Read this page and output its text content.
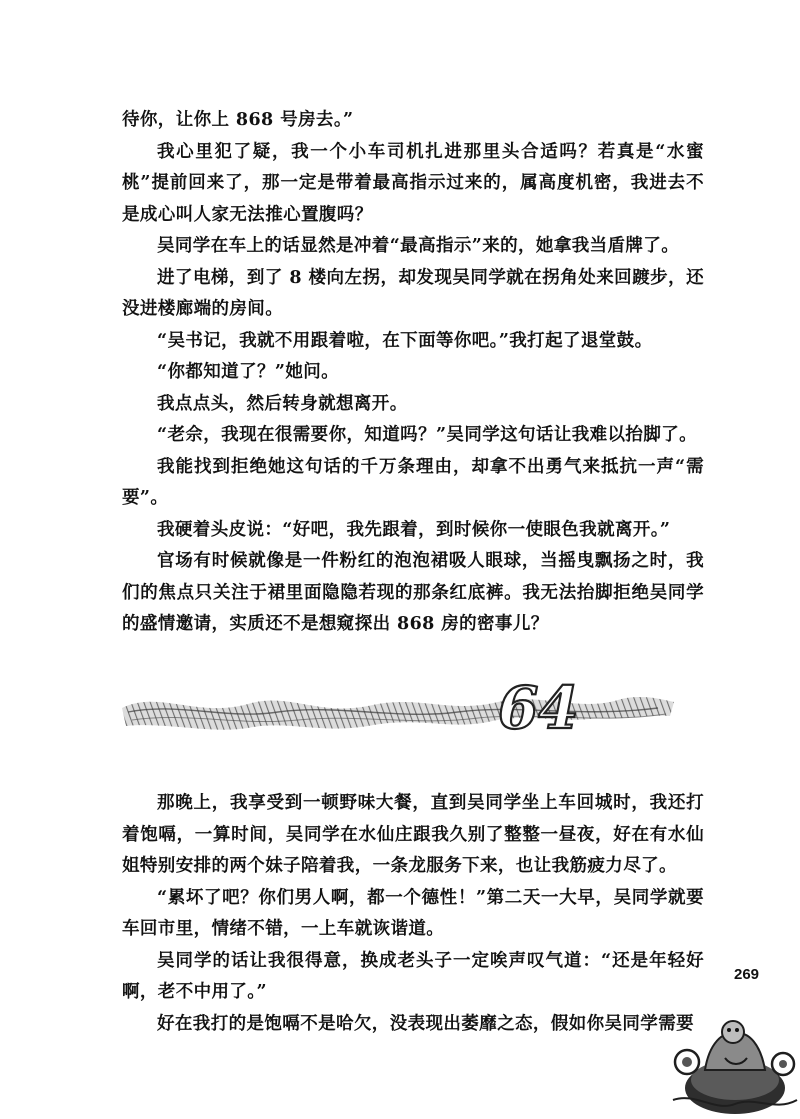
待你，让你上 868 号房去。”

我心里犯了疑，我一个小车司机扎进那里头合适吗？若真是“水蜜桃”提前回来了，那一定是带着最高指示过来的，属高度机密，我进去不是成心叫人家无法推心置腹吗？

吴同学在车上的话显然是冲着“最高指示”来的，她拿我当盾牌了。

进了电梯，到了 8 楼向左拐，却发现吴同学就在拐角处来回踱步，还没进楼廊端的房间。

“吴书记，我就不用跟着啦，在下面等你吧。”我打起了退堂鼓。

“你都知道了？”她问。

我点点头，然后转身就想离开。

“老佘，我现在很需要你，知道吗？”吴同学这句话让我难以抬脚了。

我能找到拒绝她这句话的千万条理由，却拿不出勇气来抵抗一声“需要”。

我硬着头皮说：“好吧，我先跟着，到时候你一使眼色我就离开。”

官场有时候就像是一件粉红的泡泡裙吸人眼球，当摇曳飘扬之时，我们的焦点只关注于裙里面隐隐若现的那条红底裤。我无法抬脚拒绝吴同学的盛情邀请，实质还不是想窥探出 868 房的密事儿？

64

那晚上，我享受到一顿野味大餐，直到吴同学坐上车回城时，我还打着饱嗝，一算时间，吴同学在水仙庄跟我久别了整整一昼夜，好在有水仙姐特别安排的两个妹子陪着我，一条龙服务下来，也让我筋疲力尽了。

“累坏了吧？你们男人啊，都一个德性！”第二天一大早，吴同学就要车回市里，情绪不错，一上车就诙谐道。

吴同学的话让我很得意，换成老头子一定唉声叹气道：“还是年轻好啊，老不中用了。”

好在我打的是饱嗝不是哈欠，没表现出萎靡之态，假如你吴同学需要

269
